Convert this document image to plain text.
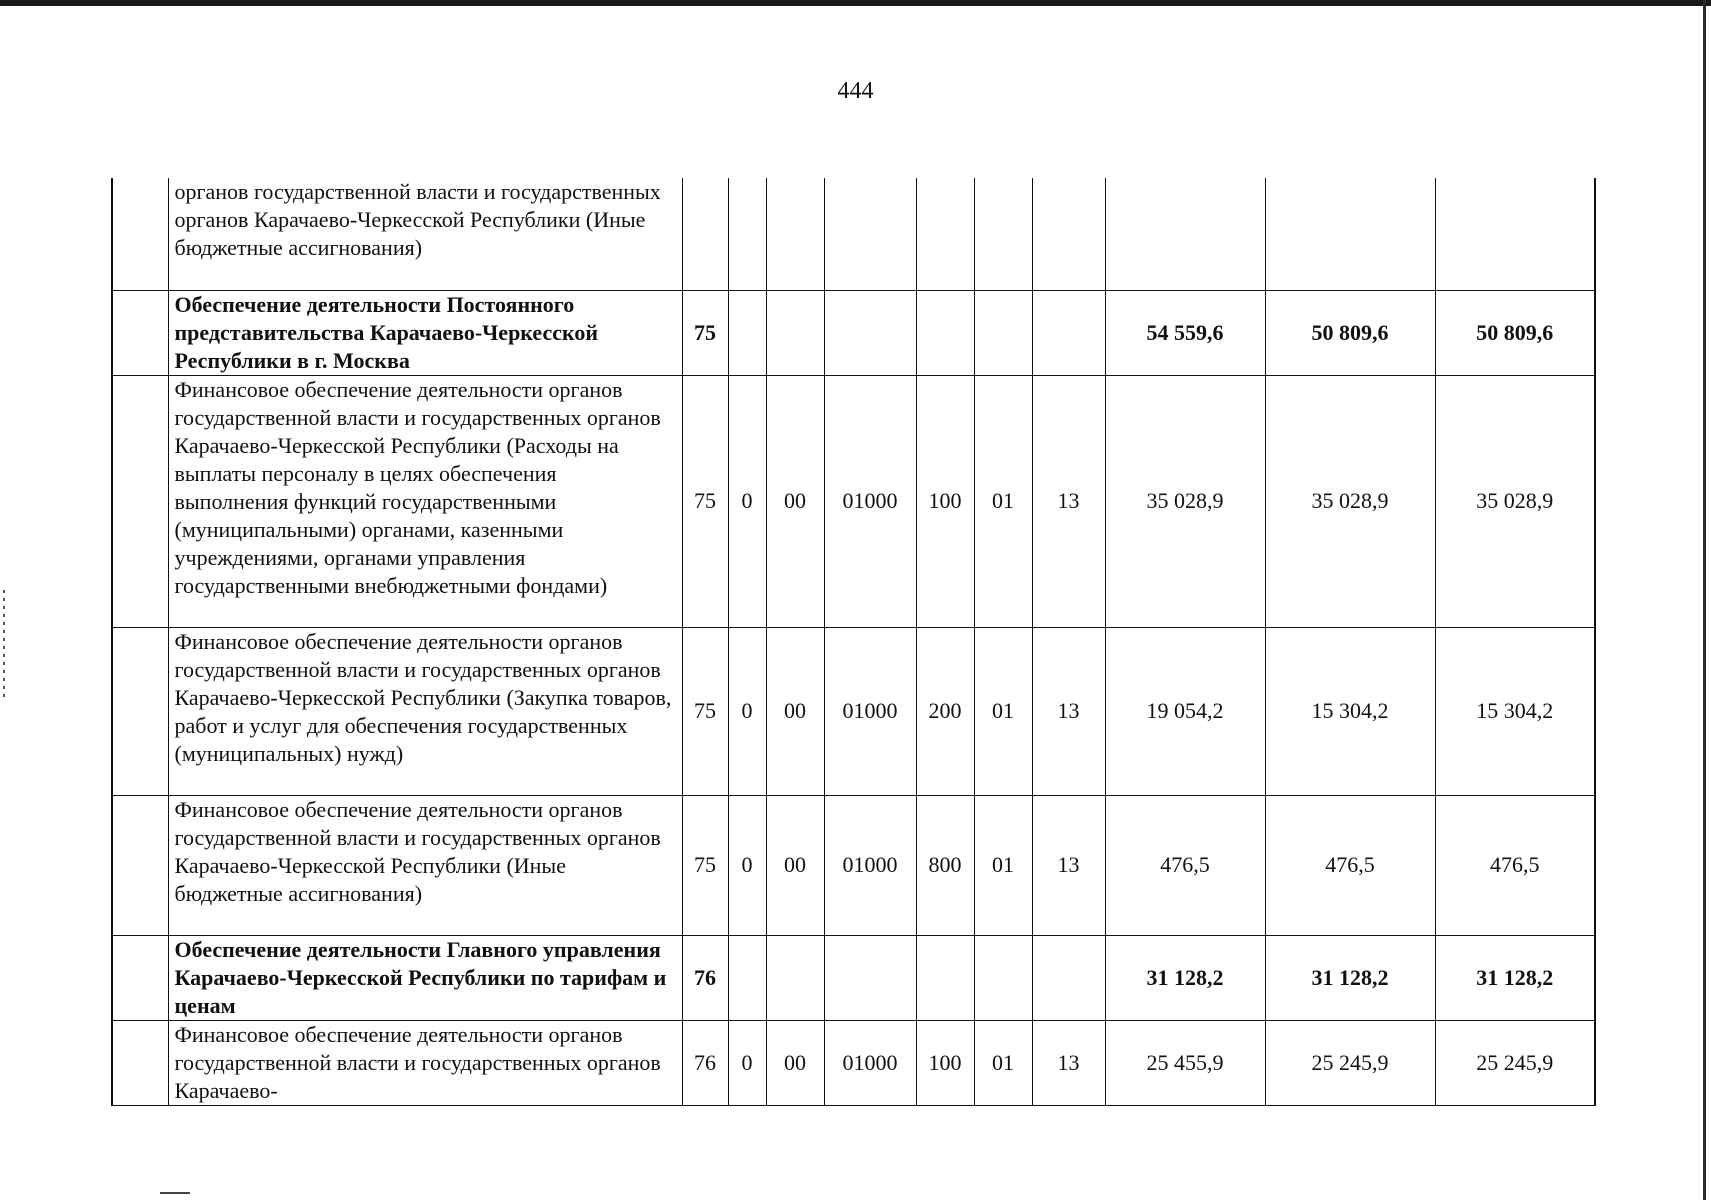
444
	органов государственной власти и государственных органов Карачаево-Черкесской Республики (Иные бюджетные ассигнования)										
	Обеспечение деятельности Постоянного представительства Карачаево-Черкесской Республики в г. Москва	75							54 559,6	50 809,6	50 809,6
	Финансовое обеспечение деятельности органов государственной власти и государственных органов Карачаево-Черкесской Республики (Расходы на выплаты персоналу в целях обеспечения выполнения функций государственными (муниципальными) органами, казенными учреждениями, органами управления государственными внебюджетными фондами)	75	0	00	01000	100	01	13	35 028,9	35 028,9	35 028,9
	Финансовое обеспечение деятельности органов государственной власти и государственных органов Карачаево-Черкесской Республики (Закупка товаров, работ и услуг для обеспечения государственных (муниципальных) нужд)	75	0	00	01000	200	01	13	19 054,2	15 304,2	15 304,2
	Финансовое обеспечение деятельности органов государственной власти и государственных органов Карачаево-Черкесской Республики (Иные бюджетные ассигнования)	75	0	00	01000	800	01	13	476,5	476,5	476,5
	Обеспечение деятельности Главного управления Карачаево-Черкесской Республики по тарифам и ценам	76							31 128,2	31 128,2	31 128,2
	Финансовое обеспечение деятельности органов государственной власти и государственных органов Карачаево-	76	0	00	01000	100	01	13	25 455,9	25 245,9	25 245,9
